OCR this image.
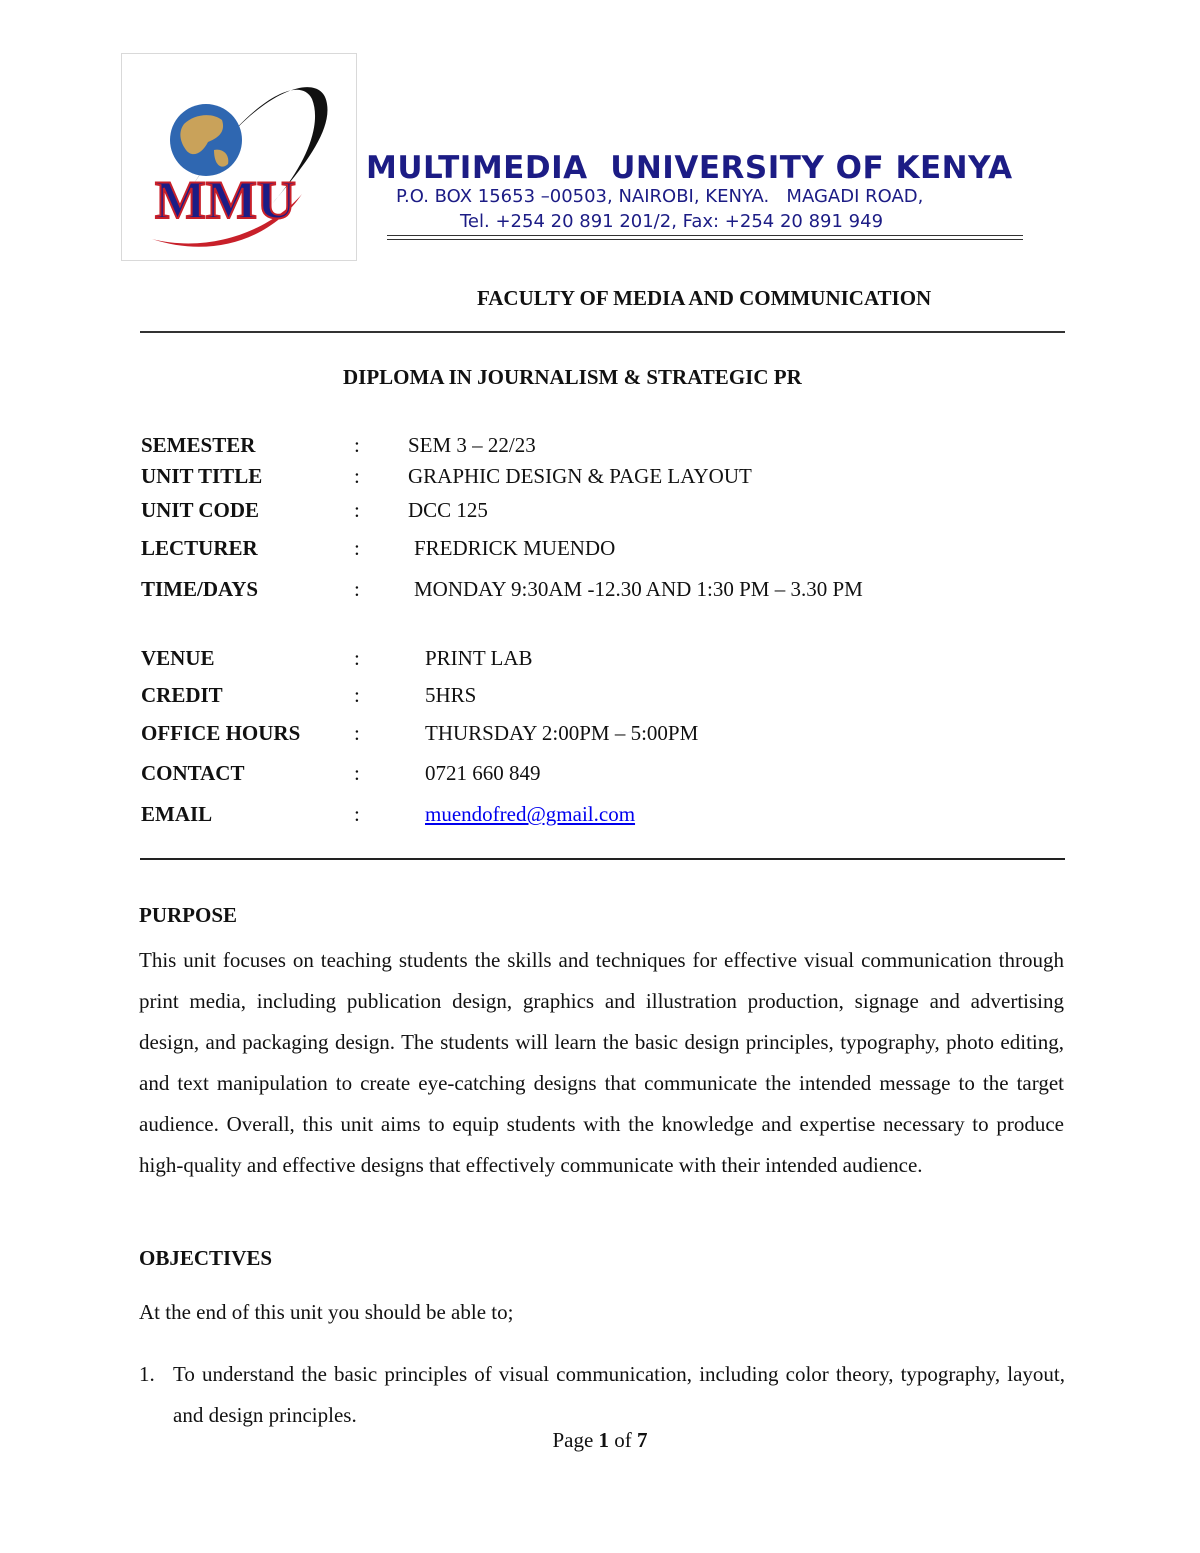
MMU
MULTIMEDIA  UNIVERSITY OF KENYA
P.O. BOX 15653 –00503, NAIROBI, KENYA.   MAGADI ROAD,
Tel. +254 20 891 201/2, Fax: +254 20 891 949
FACULTY OF MEDIA AND COMMUNICATION
DIPLOMA IN JOURNALISM & STRATEGIC PR
SEMESTER	: SEM 3 – 22/23
UNIT TITLE	: GRAPHIC DESIGN & PAGE LAYOUT
UNIT CODE	: DCC 125
LECTURER	:	FREDRICK MUENDO
TIME/DAYS	:	MONDAY 9:30AM -12.30 AND 1:30 PM – 3.30 PM
VENUE	:	PRINT LAB
CREDIT	:	5HRS
OFFICE HOURS	:	THURSDAY 2:00PM – 5:00PM
CONTACT	:	0721 660 849
EMAIL	:	muendofred@gmail.com
PURPOSE
This unit focuses on teaching students the skills and techniques for effective visual communication through print media, including publication design, graphics and illustration production, signage and advertising design, and packaging design. The students will learn the basic design principles, typography, photo editing, and text manipulation to create eye-catching designs that communicate the intended message to the target audience. Overall, this unit aims to equip students with the knowledge and expertise necessary to produce high-quality and effective designs that effectively communicate with their intended audience.
OBJECTIVES
At the end of this unit you should be able to;
1. To understand the basic principles of visual communication, including color theory, typography, layout, and design principles.
Page 1 of 7
